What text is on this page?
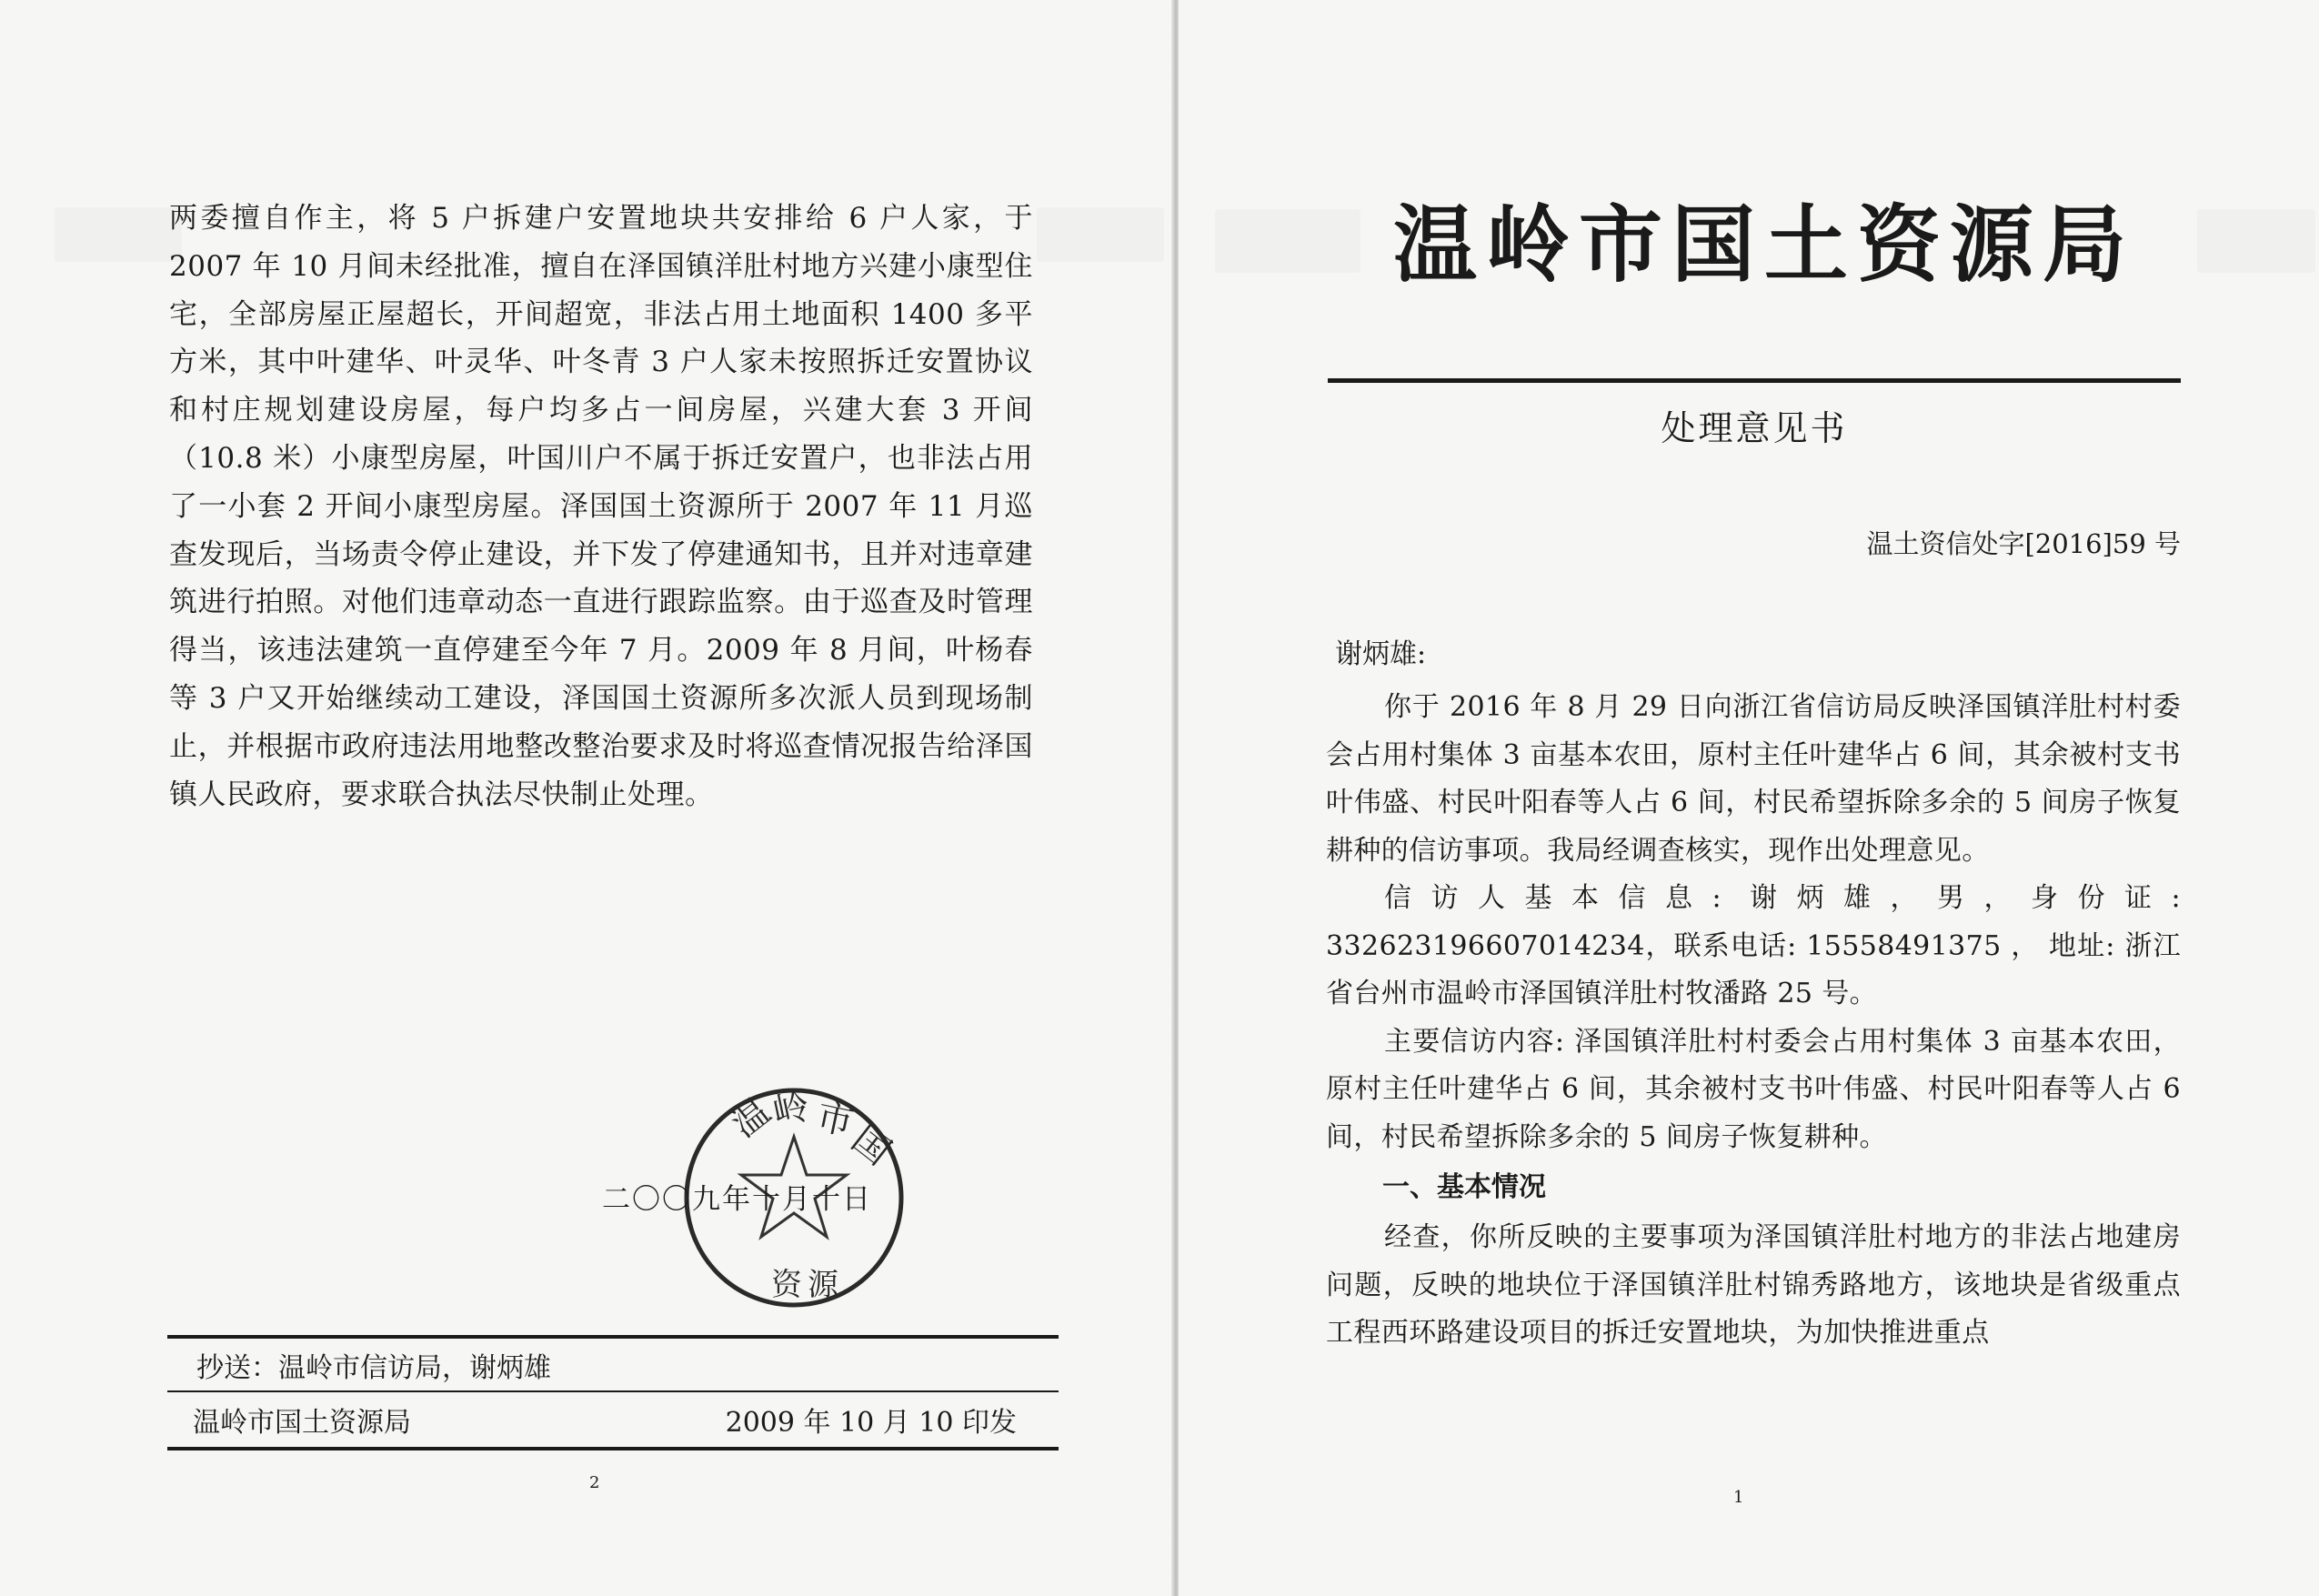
两委擅自作主，将 5 户拆建户安置地块共安排给 6 户人家，于 2007 年 10 月间未经批准，擅自在泽国镇洋肚村地方兴建小康型住宅，全部房屋正屋超长，开间超宽，非法占用土地面积 1400 多平方米，其中叶建华、叶灵华、叶冬青 3 户人家未按照拆迁安置协议和村庄规划建设房屋，每户均多占一间房屋，兴建大套 3 开间（10.8 米）小康型房屋，叶国川户不属于拆迁安置户，也非法占用了一小套 2 开间小康型房屋。泽国国土资源所于 2007 年 11 月巡查发现后，当场责令停止建设，并下发了停建通知书，且并对违章建筑进行拍照。对他们违章动态一直进行跟踪监察。由于巡查及时管理得当，该违法建筑一直停建至今年 7 月。2009 年 8 月间，叶杨春等 3 户又开始继续动工建设，泽国国土资源所多次派人员到现场制止，并根据市政府违法用地整改整治要求及时将巡查情况报告给泽国镇人民政府，要求联合执法尽快制止处理。

温
岭 市
国
资 源
二〇〇九年十月十日
抄送：温岭市信访局，谢炳雄
温岭市国土资源局	2009 年 10 月 10 印发
2
温岭市国土资源局
处理意见书
温土资信处字[2016]59 号
谢炳雄:

你于 2016 年 8 月 29 日向浙江省信访局反映泽国镇洋肚村村委会占用村集体 3 亩基本农田，原村主任叶建华占 6 间，其余被村支书叶伟盛、村民叶阳春等人占 6 间，村民希望拆除多余的 5 间房子恢复耕种的信访事项。我局经调查核实，现作出处理意见。

信访人基本信息: 谢炳雄，男，身份证: 332623196607014234，联系电话: 15558491375 ， 地址: 浙江省台州市温岭市泽国镇洋肚村牧潘路 25 号。

主要信访内容: 泽国镇洋肚村村委会占用村集体 3 亩基本农田，原村主任叶建华占 6 间，其余被村支书叶伟盛、村民叶阳春等人占 6 间，村民希望拆除多余的 5 间房子恢复耕种。

一、基本情况

经查，你所反映的主要事项为泽国镇洋肚村地方的非法占地建房问题，反映的地块位于泽国镇洋肚村锦秀路地方，该地块是省级重点工程西环路建设项目的拆迁安置地块，为加快推进重点

1
